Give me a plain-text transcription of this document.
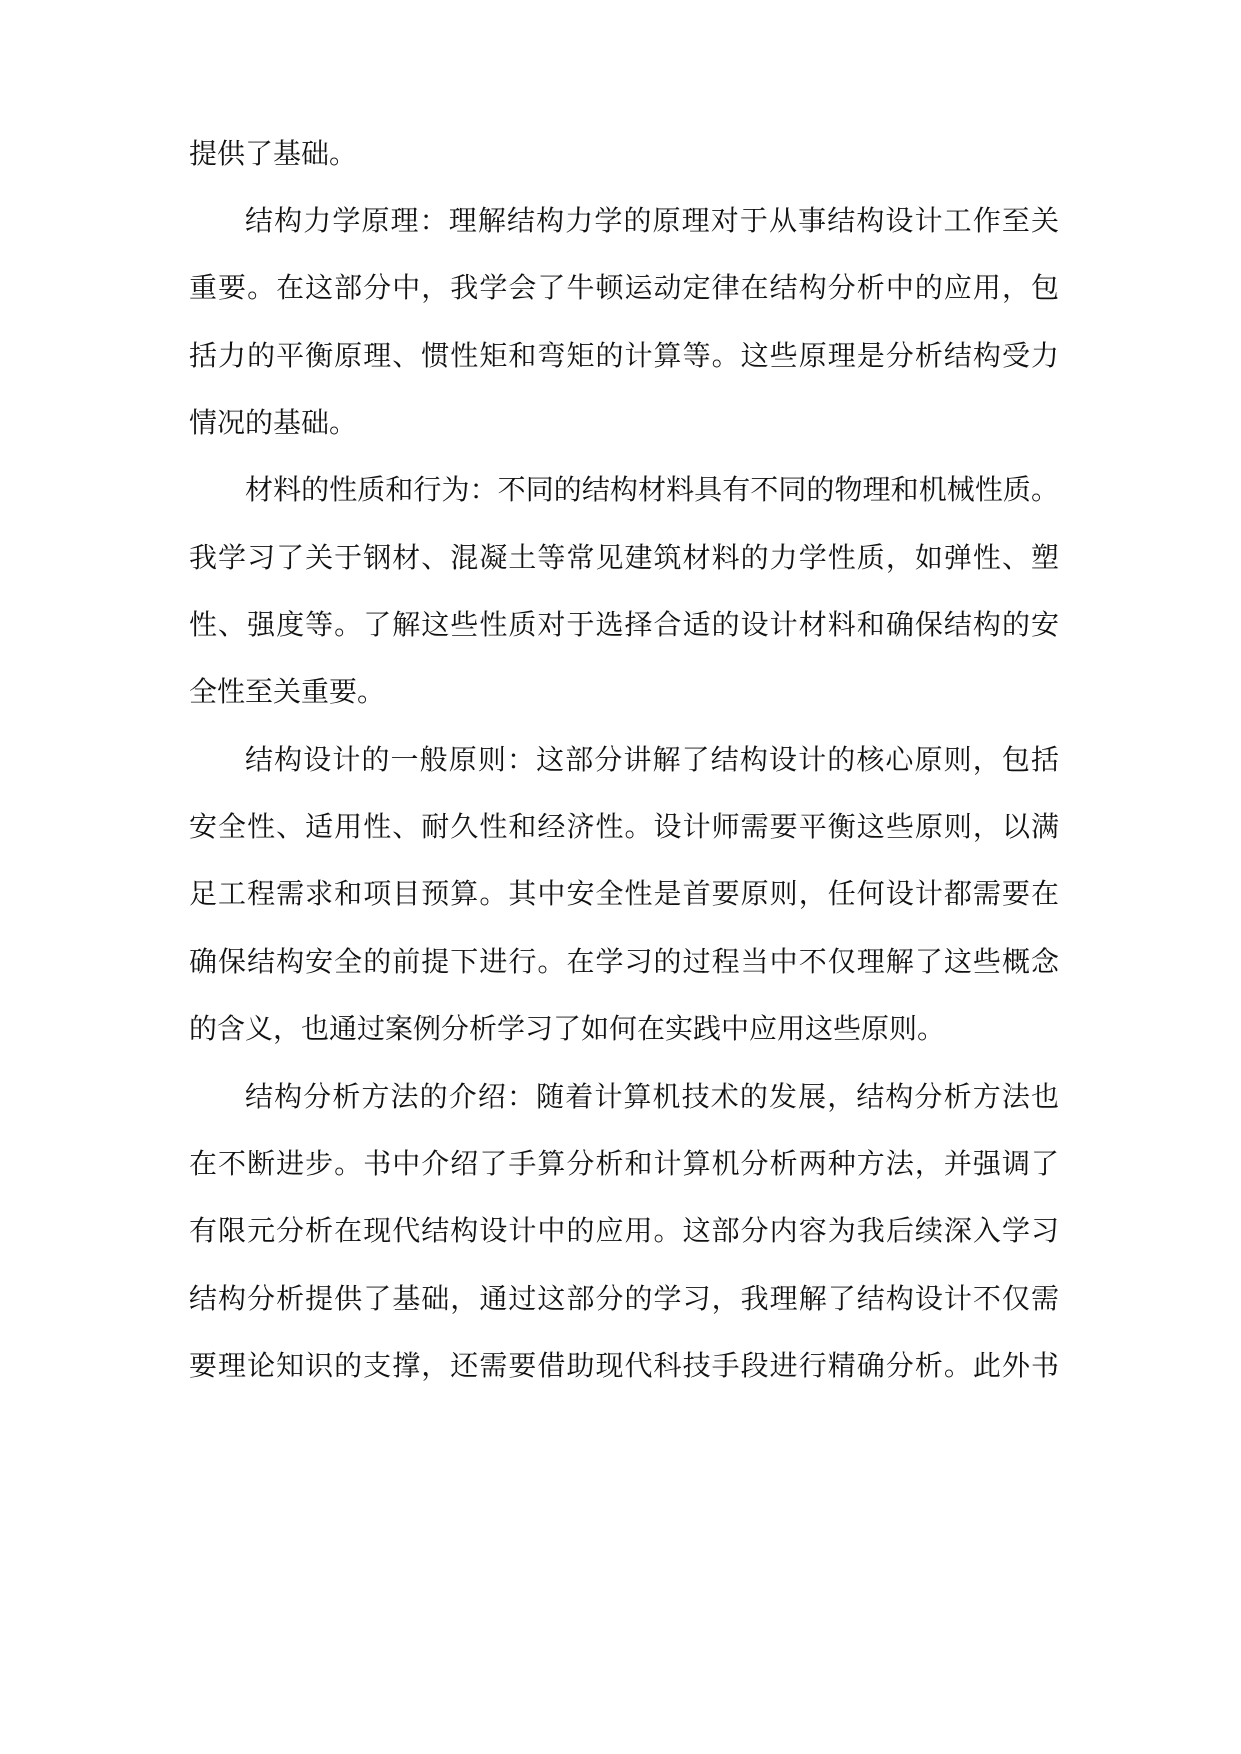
提供了基础。
结构力学原理：理解结构力学的原理对于从事结构设计工作至关
重要。在这部分中，我学会了牛顿运动定律在结构分析中的应用，包
括力的平衡原理、惯性矩和弯矩的计算等。这些原理是分析结构受力
情况的基础。
材料的性质和行为：不同的结构材料具有不同的物理和机械性质。
我学习了关于钢材、混凝土等常见建筑材料的力学性质，如弹性、塑
性、强度等。了解这些性质对于选择合适的设计材料和确保结构的安
全性至关重要。
结构设计的一般原则：这部分讲解了结构设计的核心原则，包括
安全性、适用性、耐久性和经济性。设计师需要平衡这些原则，以满
足工程需求和项目预算。其中安全性是首要原则，任何设计都需要在
确保结构安全的前提下进行。在学习的过程当中不仅理解了这些概念
的含义，也通过案例分析学习了如何在实践中应用这些原则。
结构分析方法的介绍：随着计算机技术的发展，结构分析方法也
在不断进步。书中介绍了手算分析和计算机分析两种方法，并强调了
有限元分析在现代结构设计中的应用。这部分内容为我后续深入学习
结构分析提供了基础，通过这部分的学习，我理解了结构设计不仅需
要理论知识的支撑，还需要借助现代科技手段进行精确分析。此外书
